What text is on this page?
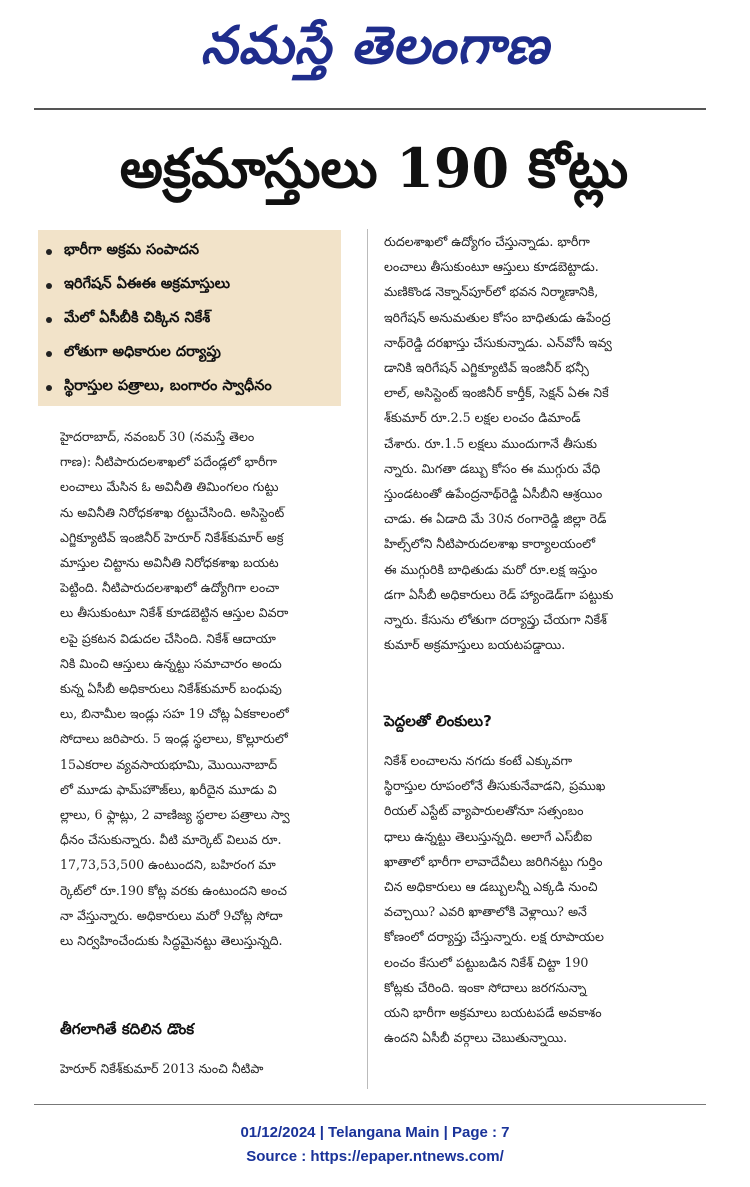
నమస్తే తెలంగాణ
అక్రమాస్తులు 190 కోట్లు
భారీగా అక్రమ సంపాదన
ఇరిగేషన్ ఏఈఈ అక్రమాస్తులు
మేలో ఏసీబీకి చిక్కిన నికేశ్
లోతుగా అధికారుల దర్యాప్తు
స్థిరాస్తుల పత్రాలు, బంగారం స్వాధీనం
హైదరాబాద్, నవంబర్ 30 (నమస్తే తెలం
గాణ): నీటిపారుదలశాఖలో పదేండ్లలో భారీగా
లంచాలు మేసిన ఓ అవినీతి తిమింగలం గుట్టు
ను అవినీతి నిరోధకశాఖ రట్టుచేసింది. అసిస్టెంట్
ఎగ్జిక్యూటివ్ ఇంజినీర్ హెరూర్ నికేశ్‌కుమార్ అక్ర
మాస్తుల చిట్టాను అవినీతి నిరోధకశాఖ బయట
పెట్టింది. నీటిపారుదలశాఖలో ఉద్యోగిగా లంచా
లు తీసుకుంటూ నికేశ్ కూడబెట్టిన ఆస్తుల వివరా
లపై ప్రకటన విడుదల చేసింది. నికేశ్ ఆదాయా
నికి మించి ఆస్తులు ఉన్నట్టు సమాచారం అందు
కున్న ఏసీబీ అధికారులు నికేశ్‌కుమార్ బంధువు
లు, బినామీల ఇండ్లు సహ 19 చోట్ల ఏకకాలంలో
సోదాలు జరిపారు. 5 ఇండ్ల స్థలాలు, కొల్లూరులో
15ఎకరాల వ్యవసాయభూమి, మొయినాబాద్
లో మూడు ఫామ్‌హౌజ్‌లు, ఖరీదైన మూడు వి
ల్లాలు, 6 ఫ్లాట్లు, 2 వాణిజ్య స్థలాల పత్రాలు స్వా
ధీనం చేసుకున్నారు. వీటి మార్కెట్ విలువ రూ.
17,73,53,500 ఉంటుందని, బహిరంగ మా
ర్కెట్‌లో రూ.190 కోట్ల వరకు ఉంటుందని అంచ
నా వేస్తున్నారు. అధికారులు మరో 9చోట్ల సోదా
లు నిర్వహించేందుకు సిద్ధమైనట్టు తెలుస్తున్నది.
తీగలాగితే కదిలిన డొంక
హెరూర్ నికేశ్‌కుమార్ 2013 నుంచి నీటిపా
రుదలశాఖలో ఉద్యోగం చేస్తున్నాడు. భారీగా
లంచాలు తీసుకుంటూ ఆస్తులు కూడబెట్టాడు.
మణికొండ నెక్నాన్‌పూర్‌లో భవన నిర్మాణానికి,
ఇరిగేషన్ అనుమతుల కోసం బాధితుడు ఉపేంద్ర
నాథ్‌రెడ్డి దరఖాస్తు చేసుకున్నాడు. ఎన్‌వోసీ ఇవ్వ
డానికి ఇరిగేషన్ ఎగ్జిక్యూటివ్ ఇంజినీర్ భన్సీ
లాల్, అసిస్టెంట్ ఇంజినీర్ కార్తీక్, సెక్షన్ ఏఈ నికే
శ్‌కుమార్ రూ.2.5 లక్షల లంచం డిమాండ్
చేశారు. రూ.1.5 లక్షలు ముందుగానే తీసుకు
న్నారు. మిగతా డబ్బు కోసం ఈ ముగ్గురు వేధి
స్తుండటంతో ఉపేంద్రనాథ్‌రెడ్డి ఏసీబీని ఆశ్రయిం
చాడు. ఈ ఏడాది మే 30న రంగారెడ్డి జిల్లా రెడ్
హిల్స్‌లోని నీటిపారుదలశాఖ కార్యాలయంలో
ఈ ముగ్గురికి బాధితుడు మరో రూ.లక్ష ఇస్తుం
డగా ఏసీబీ అధికారులు రెడ్ హ్యాండెడ్‌గా పట్టుకు
న్నారు. కేసును లోతుగా దర్యాప్తు చేయగా నికేశ్
కుమార్ అక్రమాస్తులు బయటపడ్డాయి.
పెద్దలతో లింకులు?
నికేశ్ లంచాలను నగదు కంటే ఎక్కువగా
స్థిరాస్తుల రూపంలోనే తీసుకునేవాడని, ప్రముఖ
రియల్ ఎస్టేట్ వ్యాపారులతోనూ సత్సంబం
ధాలు ఉన్నట్టు తెలుస్తున్నది. అలాగే ఎస్‌బీఐ
ఖాతాలో భారీగా లావాదేవీలు జరిగినట్టు గుర్తిం
చిన అధికారులు ఆ డబ్బులన్నీ ఎక్కడి నుంచి
వచ్చాయి? ఎవరి ఖాతాలోకి వెళ్లాయి? అనే
కోణంలో దర్యాప్తు చేస్తున్నారు. లక్ష రూపాయల
లంచం కేసులో పట్టుబడిన నికేశ్ చిట్టా 190
కోట్లకు చేరింది. ఇంకా సోదాలు జరగనున్నా
యని భారీగా అక్రమాలు బయటపడే అవకాశం
ఉందని ఏసీబీ వర్గాలు చెబుతున్నాయి.
01/12/2024 | Telangana Main | Page : 7
Source : https://epaper.ntnews.com/
